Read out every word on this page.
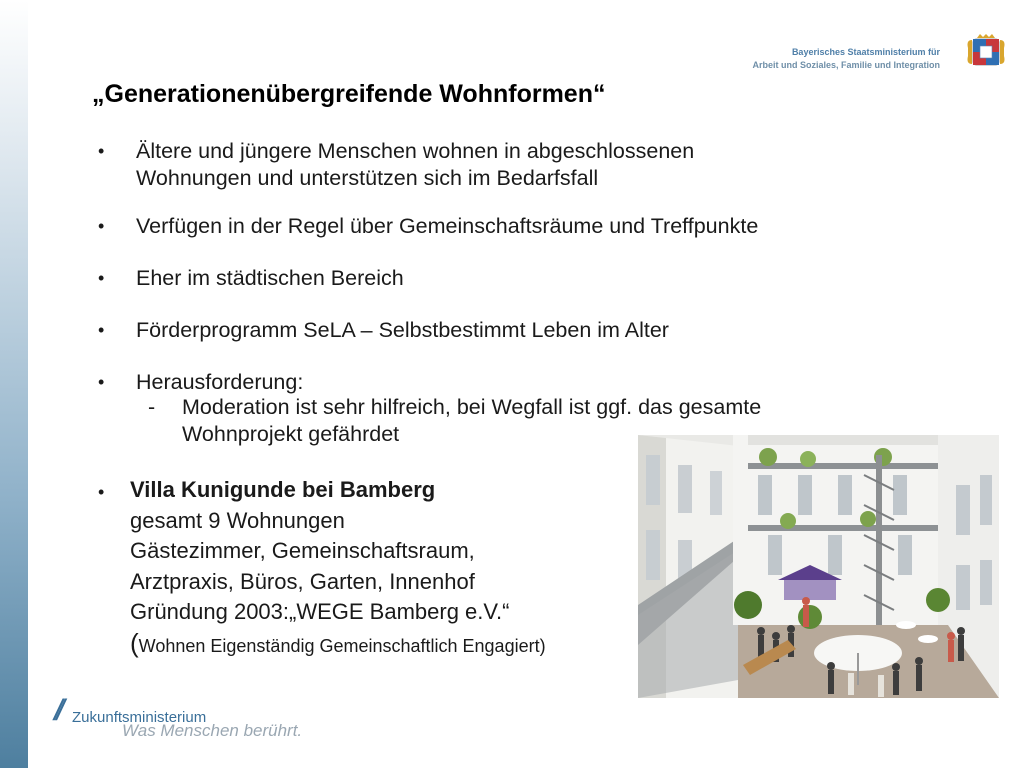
Bayerisches Staatsministerium für
Arbeit und Soziales, Familie und Integration
„Generationenübergreifende Wohnformen“
• Ältere und jüngere Menschen wohnen in abgeschlossenen
Wohnungen und unterstützen sich im Bedarfsfall
• Verfügen in der Regel über Gemeinschaftsräume und Treffpunkte
• Eher im städtischen Bereich
• Förderprogramm SeLA – Selbstbestimmt Leben im Alter
• Herausforderung:
- Moderation ist sehr hilfreich, bei Wegfall ist ggf. das gesamte
Wohnprojekt gefährdet
• Villa Kunigunde bei Bamberg
gesamt 9 Wohnungen
Gästezimmer, Gemeinschaftsraum,
Arztpraxis, Büros, Garten, Innenhof
Gründung 2003:„WEGE Bamberg e.V.“
(Wohnen Eigenständig Gemeinschaftlich Engagiert)
// Zukunftsministerium
Was Menschen berührt.
